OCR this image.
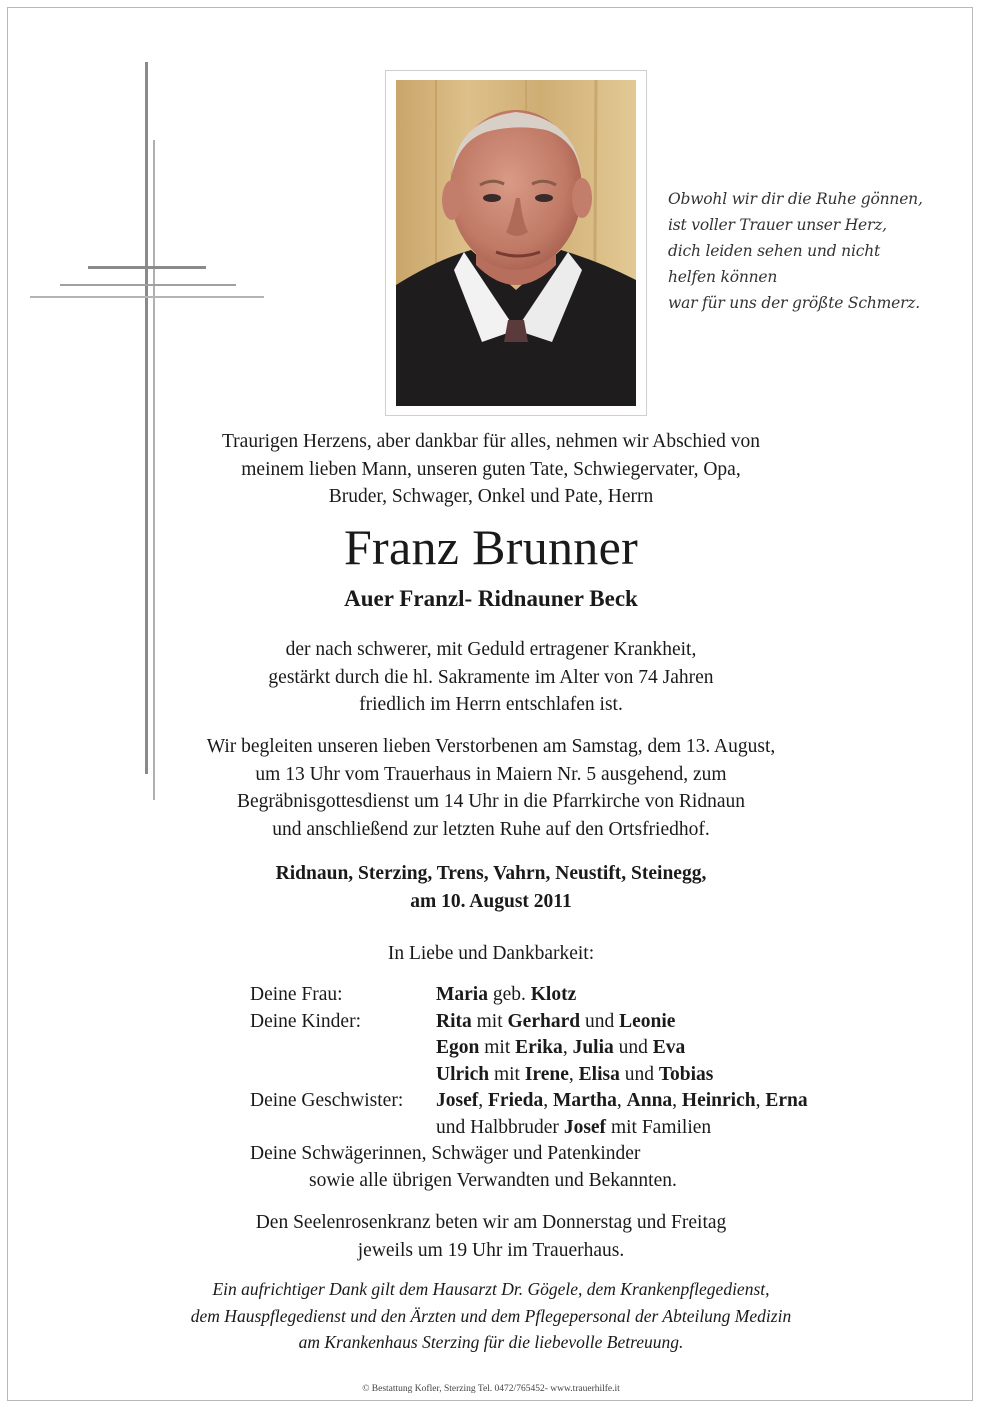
Obwohl wir dir die Ruhe gönnen,
ist voller Trauer unser Herz,
dich leiden sehen und nicht
helfen können
war für uns der größte Schmerz.
Traurigen Herzens, aber dankbar für alles, nehmen wir Abschied von
meinem lieben Mann, unseren guten Tate, Schwiegervater, Opa,
Bruder, Schwager, Onkel und Pate, Herrn
Franz Brunner
Auer Franzl- Ridnauner Beck
der nach schwerer, mit Geduld ertragener Krankheit,
gestärkt durch die hl. Sakramente im Alter von 74 Jahren
friedlich im Herrn entschlafen ist.
Wir begleiten unseren lieben Verstorbenen am Samstag, dem 13. August,
um 13 Uhr vom Trauerhaus in Maiern Nr. 5 ausgehend, zum
Begräbnisgottesdienst um 14 Uhr in die Pfarrkirche von Ridnaun
und anschließend zur letzten Ruhe auf den Ortsfriedhof.
Ridnaun, Sterzing, Trens, Vahrn, Neustift, Steinegg,
am 10. August 2011
In Liebe und Dankbarkeit:
Deine Frau:	Maria geb. Klotz
Deine Kinder:	Rita mit Gerhard und Leonie
Egon mit Erika, Julia und Eva
Ulrich mit Irene, Elisa und Tobias
Deine Geschwister: Josef, Frieda, Martha, Anna, Heinrich, Erna
und Halbbruder Josef mit Familien
Deine Schwägerinnen, Schwäger und Patenkinder
sowie alle übrigen Verwandten und Bekannten.
Den Seelenrosenkranz beten wir am Donnerstag und Freitag
jeweils um 19 Uhr im Trauerhaus.
Ein aufrichtiger Dank gilt dem Hausarzt Dr. Gögele, dem Krankenpflegedienst,
dem Hauspflegedienst und den Ärzten und dem Pflegepersonal der Abteilung Medizin
am Krankenhaus Sterzing für die liebevolle Betreuung.
© Bestattung Kofler, Sterzing Tel. 0472/765452- www.trauerhilfe.it
